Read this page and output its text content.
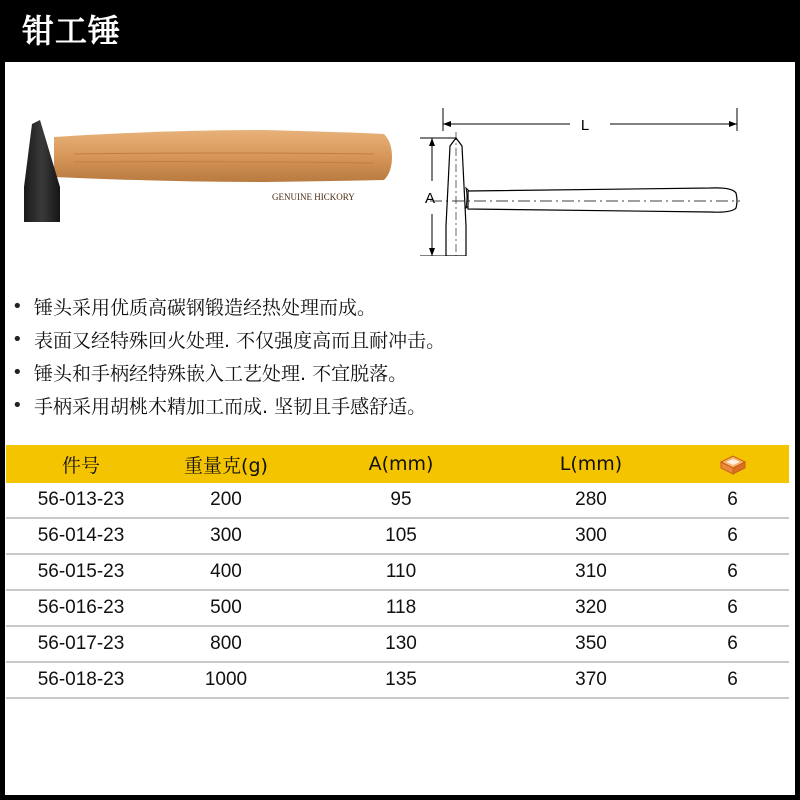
钳工锤
GENUINE HICKORY
L
A
• 锤头采用优质高碳钢锻造经热处理而成。
• 表面又经特殊回火处理. 不仅强度高而且耐冲击。
• 锤头和手柄经特殊嵌入工艺处理. 不宜脱落。
• 手柄采用胡桃木精加工而成. 坚韧且手感舒适。
件号	重量克(g)	A(mm)	L(mm)
56-013-23	200	95	280	6
56-014-23	300	105	300	6
56-015-23	400	110	310	6
56-016-23	500	118	320	6
56-017-23	800	130	350	6
56-018-23	1000	135	370	6
